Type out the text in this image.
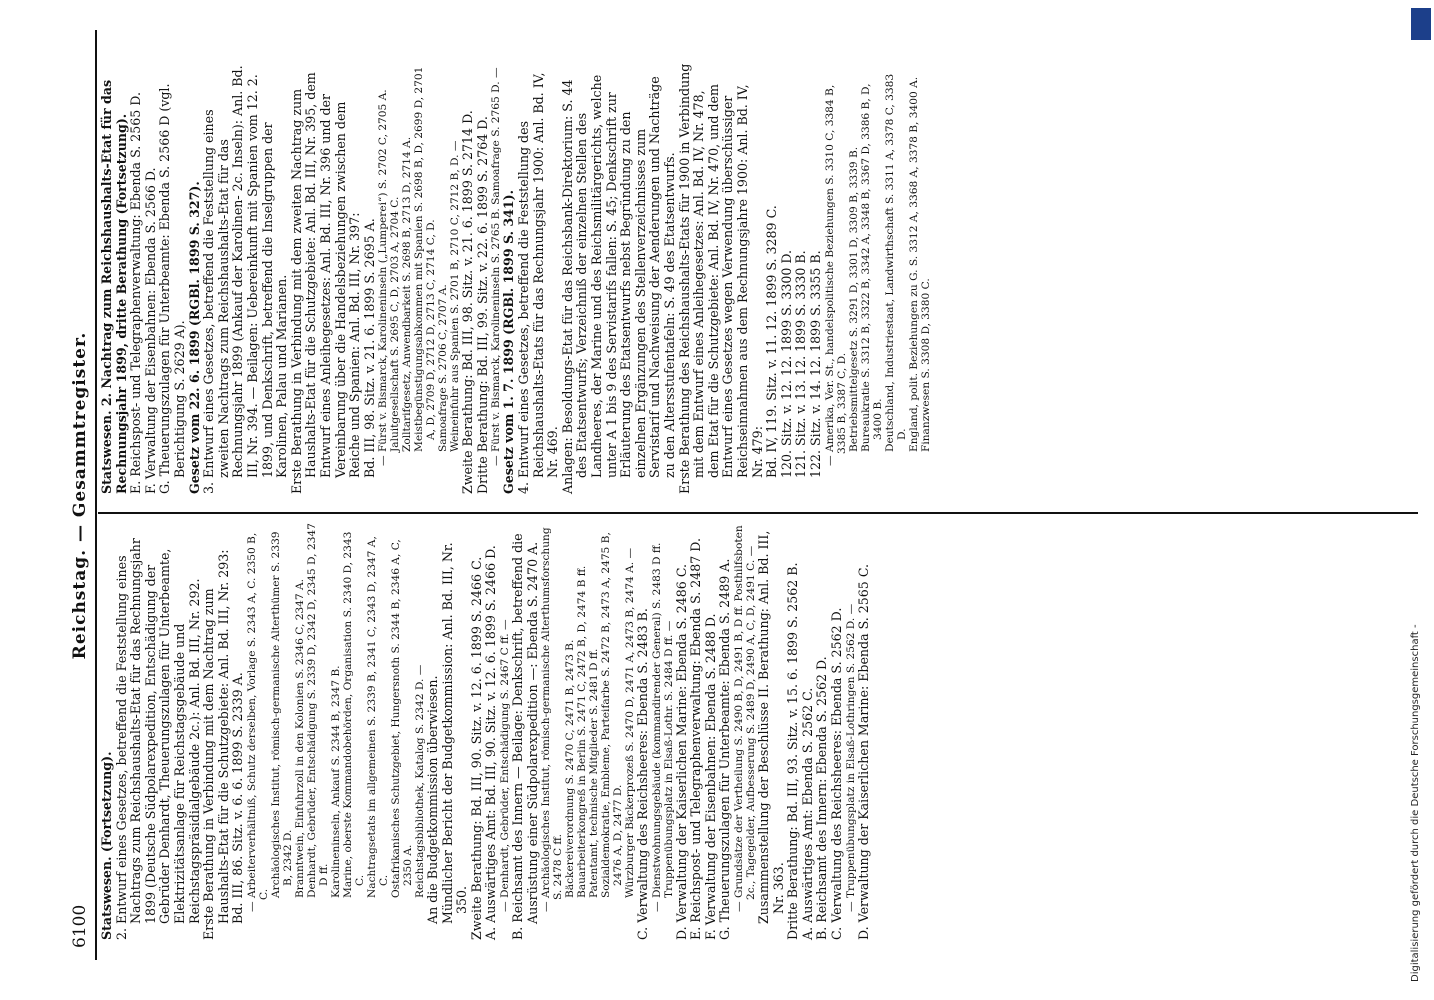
6100
Reichstag. — Gesammtregister.

Statswesen. (Fortsetzung). 2. Entwurf eines Gesetzes, betreffend die Feststellung eines Nachtrags zum Reichshaushalts-Etat für das Rechnungsjahr 1899 (Deutsche Südpolarexpedition, Entschädigung der Gebrüder Denhardt, Theuerungszulagen für Unterbeamte, Elektrizitätsanlage für Reichstagsgebäude und Reichstagspräsidialgebäude 2c.): Anl. Bd. III, Nr. 292. Erste Berathung in Verbindung mit dem Nachtrag zum Haushalts-Etat für die Schutzgebiete: Anl. Bd. III, Nr. 293: Bd. III, 86. Sitz. v. 6. 6. 1899 S. 2339 A. — Arbeiterverhältniß, Schutz derselben, Vorlage S. 2343 A, C. 2350 B, C. Archäologisches Institut, römisch-germanische Alterthümer S. 2339 B, 2342 D. Branntwein, Einfuhrzoll in den Kolonien S. 2346 C, 2347 A. Denhardt, Gebrüder, Entschädigung S. 2339 D, 2342 D, 2345 D, 2347 D ff. Karolineninseln, Ankauf S. 2344 B, 2347 B. Marine, oberste Kommandobehörden, Organisation S. 2340 D, 2343 C. Nachtragsetats im allgemeinen S. 2339 B, 2341 C, 2343 D, 2347 A, C. Ostafrikanisches Schutzgebiet, Hungersnoth S. 2344 B, 2346 A, C, 2350 A. Reichstagsbibliothek, Katalog S. 2342 D. — An die Budgetkommission überwiesen. Mündlicher Bericht der Budgetkommission: Anl. Bd. III, Nr. 350. Zweite Berathung: Bd. III, 90. Sitz. v. 12. 6. 1899 S. 2466 C. A. Auswärtiges Amt: Bd. III, 90. Sitz. v. 12. 6. 1899 S. 2466 D. — Denhardt, Gebrüder, Entschädigung S. 2467 C ff. — B. Reichsamt des Innern — Beilage: Denkschrift, betreffend die Ausrüstung einer Südpolarexpedition —: Ebenda S. 2470 A. — Archäologisches Institut, römisch-germanische Alterthumsforschung S. 2478 C ff. Bäckereiverordnung S. 2470 C, 2471 B, 2473 B. Bauarbeiterkongreß in Berlin S. 2471 C, 2472 B, D, 2474 B ff. Patentamt, technische Mitglieder S. 2481 D ff. Sozialdemokratie, Embleme, Parteifarbe S. 2472 B, 2473 A, 2475 B, 2476 A, D, 2477 D. Würzburger Bäckerprozeß S. 2470 D, 2471 A, 2473 B, 2474 A. — C. Verwaltung des Reichsheeres: Ebenda S. 2483 B. — Dienstwohnungsgebäude (kommandirender General) S. 2483 D ff. Truppenübungsplatz in Elsaß-Lothr. S. 2484 D ff. — D. Verwaltung der Kaiserlichen Marine: Ebenda S. 2486 C. E. Reichspost- und Telegraphenverwaltung: Ebenda S. 2487 D. F. Verwaltung der Eisenbahnen: Ebenda S. 2488 D. G. Theuerungszulagen für Unterbeamte: Ebenda S. 2489 A. — Grundsätze der Vertheilung S. 2490 B, D, 2491 B, D ff. Posthilfsboten 2c., Tagegelder, Aufbesserung S. 2489 D, 2490 A, C, D, 2491 C. — Zusammenstellung der Beschlüsse II. Berathung: Anl. Bd. III, Nr. 363. Dritte Berathung: Bd. III, 93. Sitz. v. 15. 6. 1899 S. 2562 B. A. Auswärtiges Amt: Ebenda S. 2562 C. B. Reichsamt des Innern: Ebenda S. 2562 D. C. Verwaltung des Reichsheeres: Ebenda S. 2562 D. — Truppenübungsplatz in Elsaß-Lothringen S. 2562 D. — D. Verwaltung der Kaiserlichen Marine: Ebenda S. 2565 C.

Statswesen. 2. Nachtrag zum Reichshaushalts-Etat für das Rechnungsjahr 1899, dritte Berathung (Fortsetzung). E. Reichspost- und Telegraphenverwaltung: Ebenda S. 2565 D. F. Verwaltung der Eisenbahnen: Ebenda S. 2566 D. G. Theuerungszulagen für Unterbeamte: Ebenda S. 2566 D (vgl. Berichtigung S. 2629 A). Gesetz vom 22. 6. 1899 (RGBl. 1899 S. 327). 3. Entwurf eines Gesetzes, betreffend die Feststellung eines zweiten Nachtrags zum Reichshaushalts-Etat für das Rechnungsjahr 1899 (Ankauf der Karolinen- 2c. Inseln): Anl. Bd. III, Nr. 394. — Beilagen: Uebereinkunft mit Spanien vom 12. 2. 1899, und Denkschrift, betreffend die Inselgruppen der Karolinen, Palau und Marianen. Erste Berathung in Verbindung mit dem zweiten Nachtrag zum Haushalts-Etat für die Schutzgebiete: Anl. Bd. III, Nr. 395, dem Entwurf eines Anleihegesetzes: Anl. Bd. III, Nr. 396 und der Vereinbarung über die Handelsbeziehungen zwischen dem Reiche und Spanien: Anl. Bd. III, Nr. 397: Bd. III, 98. Sitz. v. 21. 6. 1899 S. 2695 A. — Fürst v. Bismarck, Karolineninseln („Lumperei“) S. 2702 C, 2705 A. Jaluitgesellschaft S. 2695 C, D, 2703 A, 2704 C. Zolltarifgesetz, Anwendbarkeit S. 2698 B, 2713 D, 2714 A. Meistbegünstigungsabkommen mit Spanien S. 2698 B, D, 2699 D, 2701 A, D, 2709 D, 2712 D, 2713 C, 2714 C, D. Samoafrage S. 2706 C, 2707 A. Weineinfuhr aus Spanien S. 2701 B, 2710 C, 2712 B, D. — Zweite Berathung: Bd. III, 98. Sitz. v. 21. 6. 1899 S. 2714 D. Dritte Berathung: Bd. III, 99. Sitz. v. 22. 6. 1899 S. 2764 D. — Fürst v. Bismarck, Karolineninseln S. 2765 B. Samoafrage S. 2765 D. — Gesetz vom 1. 7. 1899 (RGBl. 1899 S. 341). 4. Entwurf eines Gesetzes, betreffend die Feststellung des Reichshaushalts-Etats für das Rechnungsjahr 1900: Anl. Bd. IV, Nr. 469. Anlagen: Besoldungs-Etat für das Reichsbank-Direktorium: S. 44 des Etatsentwurfs; Verzeichniß der einzelnen Stellen des Landheeres, der Marine und des Reichsmilitärgerichts, welche unter A 1 bis 9 des Servistarifs fallen: S. 45; Denkschrift zur Erläuterung des Etatsentwurfs nebst Begründung zu den einzelnen Ergänzungen des Stellenverzeichnisses zum Servistarif und Nachweisung der Aenderungen und Nachträge zu den Altersstufentafeln: S. 49 des Etatsentwurfs. Erste Berathung des Reichshaushalts-Etats für 1900 in Verbindung mit dem Entwurf eines Anleihegesetzes: Anl. Bd. IV, Nr. 478, dem Etat für die Schutzgebiete: Anl. Bd. IV, Nr. 470, und dem Entwurf eines Gesetzes wegen Verwendung überschüssiger Reichseinnahmen aus dem Rechnungsjahre 1900: Anl. Bd. IV, Nr. 479: Bd. IV, 119. Sitz. v. 11. 12. 1899 S. 3289 C. 120. Sitz. v. 12. 12. 1899 S. 3300 D. 121. Sitz. v. 13. 12. 1899 S. 3330 B. 122. Sitz. v. 14. 12. 1899 S. 3355 B. — Amerika, Ver. St., handelspolitische Beziehungen S. 3310 C, 3384 B, 3385 B, 3387 C, D. Betriebsmittelgesetz S. 3291 D, 3301 D, 3309 B, 3339 B. Bureaukratie S. 3312 B, 3322 B, 3342 A, 3348 B, 3367 D, 3386 B, D, 3400 B. Deutschland, Industriestaat, Landwirthschaft S. 3311 A, 3378 C, 3383 D. England, polit. Beziehungen zu G. S. 3312 A, 3368 A, 3378 B, 3400 A. Finanzwesen S. 3308 D, 3380 C.

Digitalisierung gefördert durch die Deutsche Forschungsgemeinschaft -
